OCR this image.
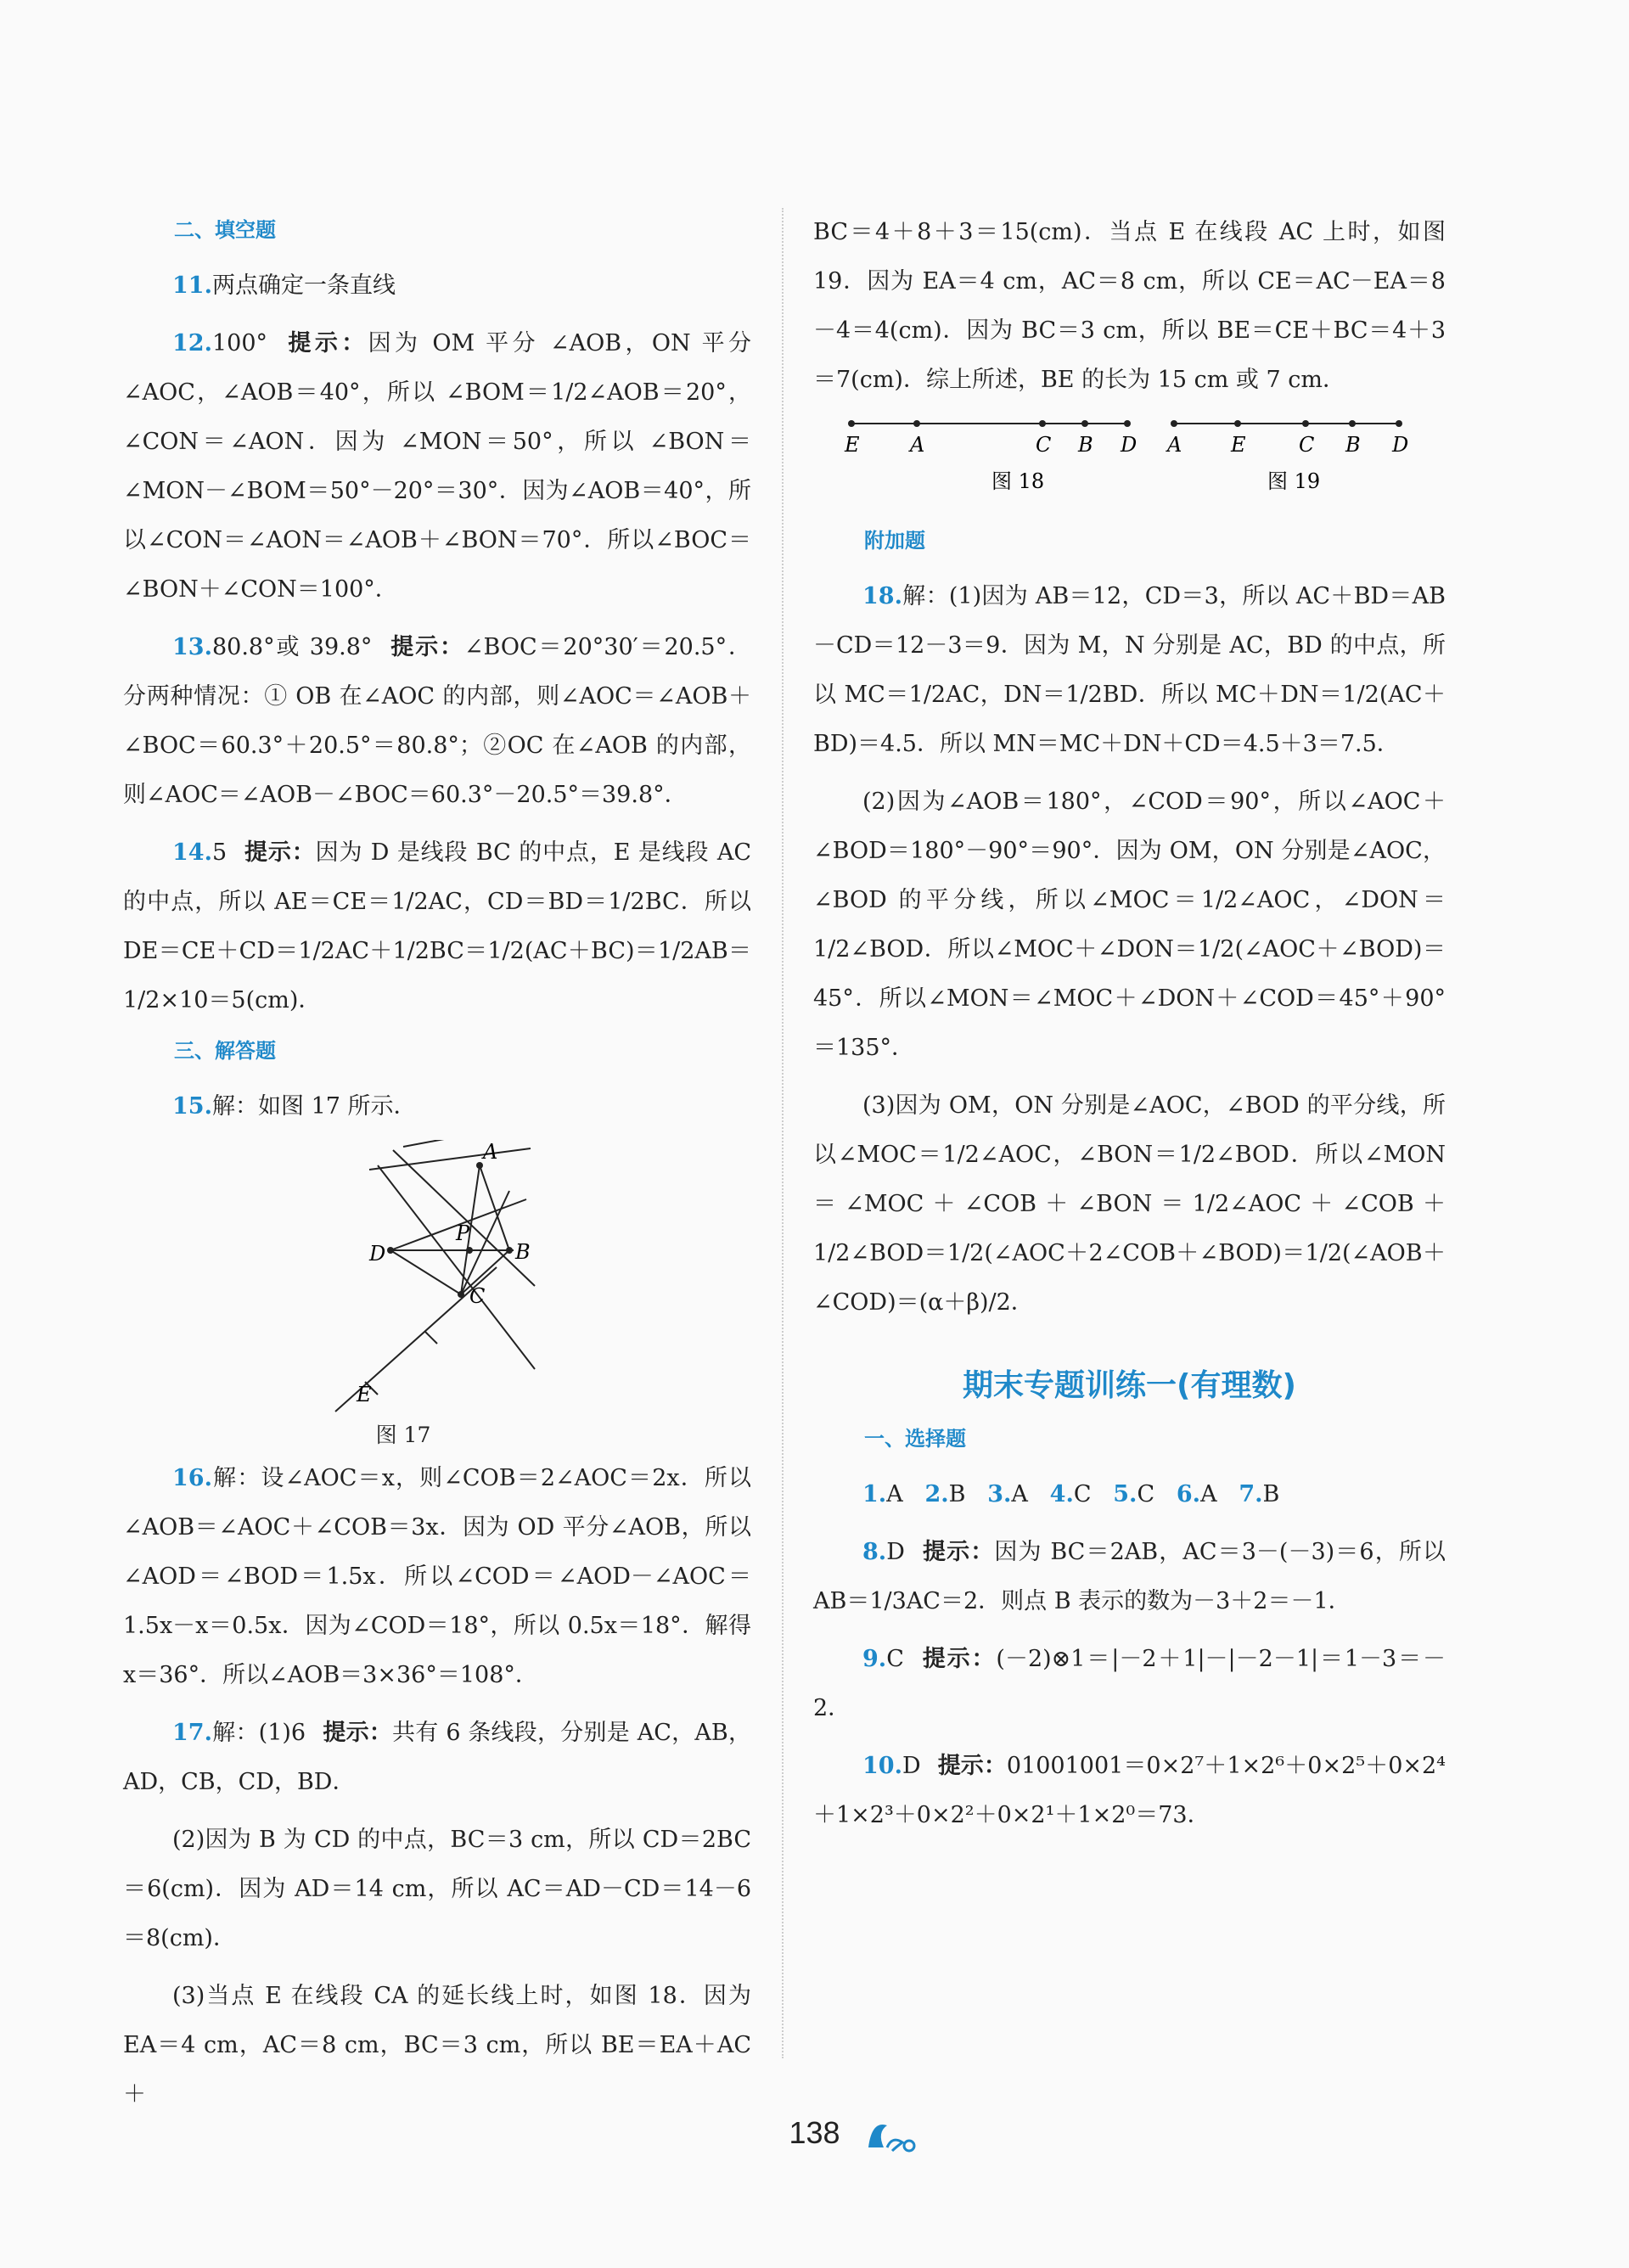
二、填空题

11.两点确定一条直线

12.100° 提示：因为 OM 平分 ∠AOB，ON 平分 ∠AOC，∠AOB＝40°，所以 ∠BOM＝1/2∠AOB＝20°，∠CON＝∠AON．因为 ∠MON＝50°，所以 ∠BON＝∠MON－∠BOM＝50°－20°＝30°．因为∠AOB＝40°，所以∠CON＝∠AON＝∠AOB＋∠BON＝70°．所以∠BOC＝∠BON＋∠CON＝100°．

13.80.8°或 39.8° 提示：∠BOC＝20°30′＝20.5°．分两种情况：① OB 在∠AOC 的内部，则∠AOC＝∠AOB＋∠BOC＝60.3°＋20.5°＝80.8°；②OC 在∠AOB 的内部，则∠AOC＝∠AOB－∠BOC＝60.3°－20.5°＝39.8°．

14.5 提示：因为 D 是线段 BC 的中点，E 是线段 AC 的中点，所以 AE＝CE＝1/2AC，CD＝BD＝1/2BC．所以 DE＝CE＋CD＝1/2AC＋1/2BC＝1/2(AC＋BC)＝1/2AB＝1/2×10＝5(cm)．

三、解答题

15.解：如图 17 所示．

A
D
P
B
C
E
图 17

16.解：设∠AOC＝x，则∠COB＝2∠AOC＝2x．所以∠AOB＝∠AOC＋∠COB＝3x．因为 OD 平分∠AOB，所以∠AOD＝∠BOD＝1.5x．所以∠COD＝∠AOD－∠AOC＝1.5x－x＝0.5x．因为∠COD＝18°，所以 0.5x＝18°．解得 x＝36°．所以∠AOB＝3×36°＝108°．

17.解：(1)6 提示：共有 6 条线段，分别是 AC，AB，AD，CB，CD，BD．

(2)因为 B 为 CD 的中点，BC＝3 cm，所以 CD＝2BC＝6(cm)．因为 AD＝14 cm，所以 AC＝AD－CD＝14－6＝8(cm)．

(3)当点 E 在线段 CA 的延长线上时，如图 18．因为 EA＝4 cm，AC＝8 cm，BC＝3 cm，所以 BE＝EA＋AC＋

BC＝4＋8＋3＝15(cm)．当点 E 在线段 AC 上时，如图 19．因为 EA＝4 cm，AC＝8 cm，所以 CE＝AC－EA＝8－4＝4(cm)．因为 BC＝3 cm，所以 BE＝CE＋BC＝4＋3＝7(cm)．综上所述，BE 的长为 15 cm 或 7 cm．

E A	C B D
图 18
A E	C B D
图 19
附加题

18.解：(1)因为 AB＝12，CD＝3，所以 AC＋BD＝AB－CD＝12－3＝9．因为 M，N 分别是 AC，BD 的中点，所以 MC＝1/2AC，DN＝1/2BD．所以 MC＋DN＝1/2(AC＋BD)＝4.5．所以 MN＝MC＋DN＋CD＝4.5＋3＝7.5．

(2)因为∠AOB＝180°，∠COD＝90°，所以∠AOC＋∠BOD＝180°－90°＝90°．因为 OM，ON 分别是∠AOC，∠BOD 的平分线，所以∠MOC＝1/2∠AOC，∠DON＝1/2∠BOD．所以∠MOC＋∠DON＝1/2(∠AOC＋∠BOD)＝45°．所以∠MON＝∠MOC＋∠DON＋∠COD＝45°＋90°＝135°．

(3)因为 OM，ON 分别是∠AOC，∠BOD 的平分线，所以∠MOC＝1/2∠AOC，∠BON＝1/2∠BOD．所以∠MON＝∠MOC＋∠COB＋∠BON＝1/2∠AOC＋∠COB＋1/2∠BOD＝1/2(∠AOC＋2∠COB＋∠BOD)＝1/2(∠AOB＋∠COD)＝(α＋β)/2．

期末专题训练一(有理数)
一、选择题

1.A 2.B 3.A 4.C 5.C 6.A 7.B

8.D 提示：因为 BC＝2AB，AC＝3－(－3)＝6，所以 AB＝1/3AC＝2．则点 B 表示的数为－3＋2＝－1．

9.C 提示：(－2)⊗1＝|－2＋1|－|－2－1|＝1－3＝－2．

10.D 提示：01001001＝0×2⁷＋1×2⁶＋0×2⁵＋0×2⁴＋1×2³＋0×2²＋0×2¹＋1×2⁰＝73．

138
